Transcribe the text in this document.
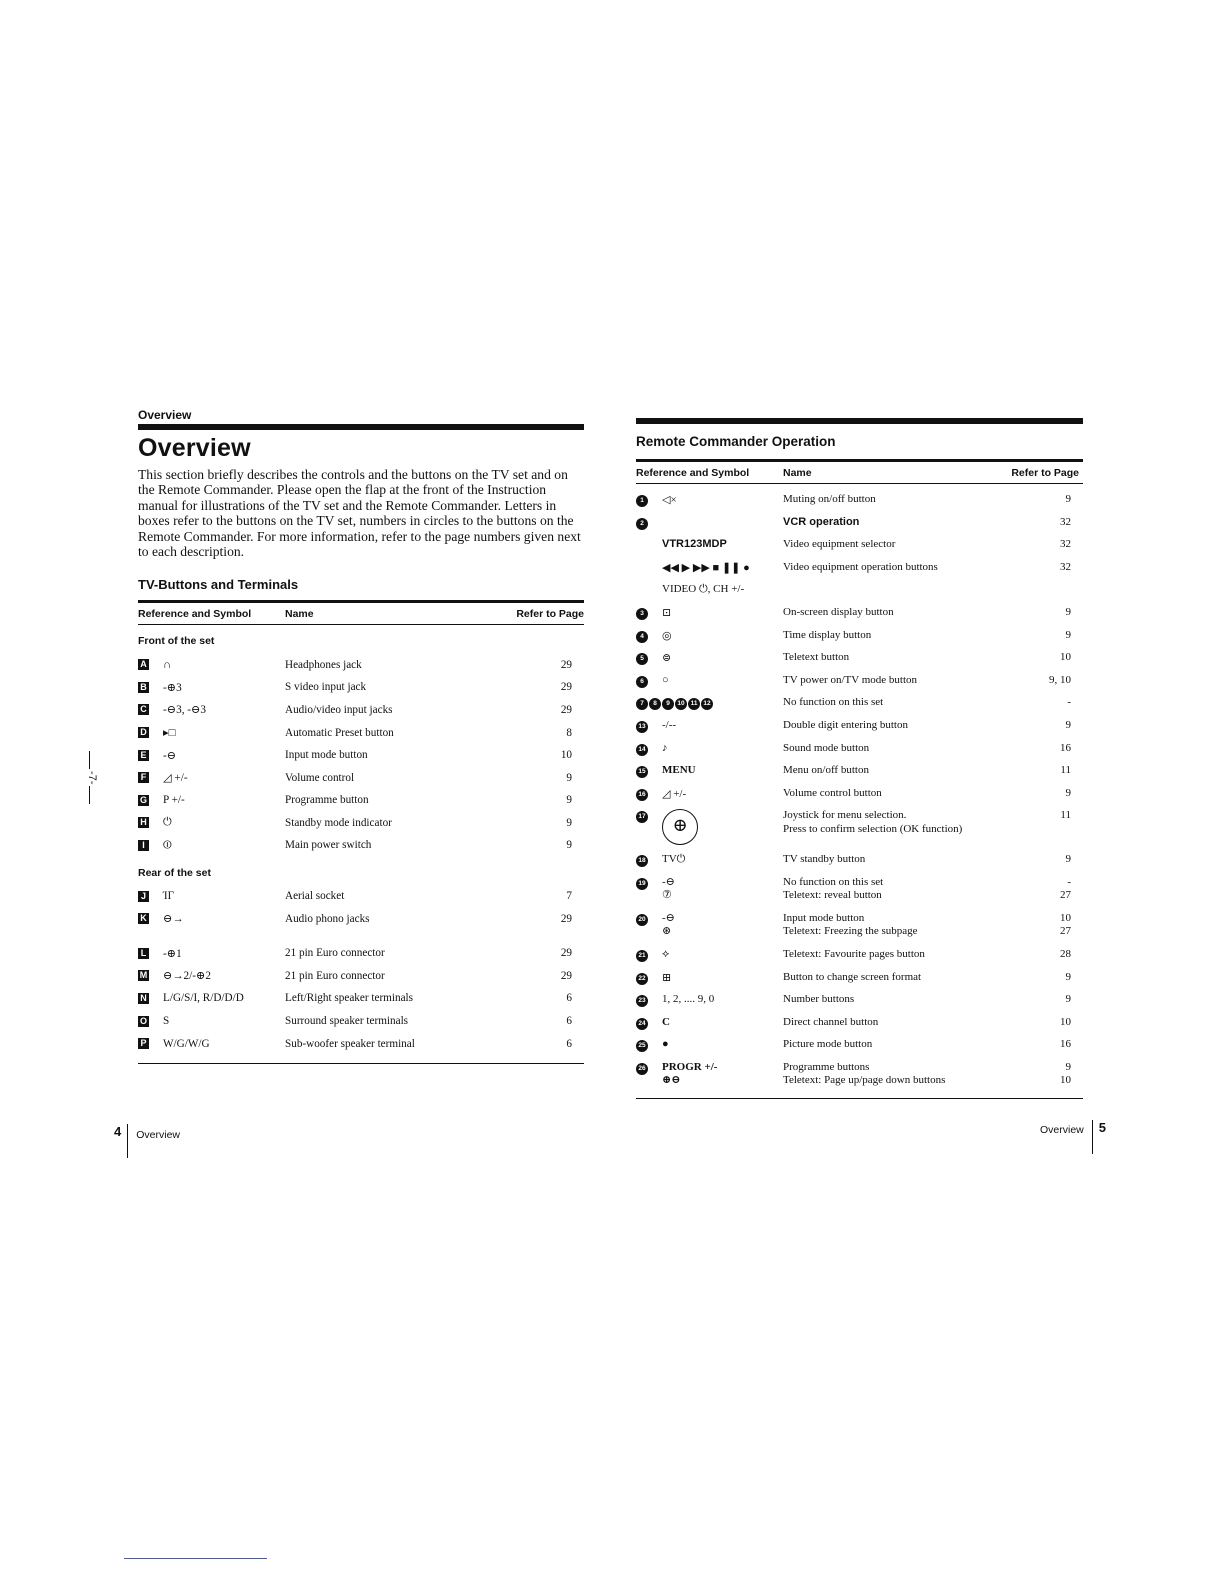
Overview
Overview

This section briefly describes the controls and the buttons on the TV set and on the Remote Commander. Please open the flap at the front of the Instruction manual for illustrations of the TV set and the Remote Commander. Letters in boxes refer to the buttons on the TV set, numbers in circles to the buttons on the Remote Commander. For more information, refer to the page numbers given next to each description.

TV-Buttons and Terminals
Reference and Symbol	Name	Refer to Page
Front of the set
A ∩	Headphones jack	29
B -⊕3	S video input jack	29
C -⊖3, -⊖3	Audio/video input jacks	29
D ▸□	Automatic Preset button	8
E -⊖	Input mode button	10
F ◿ +/-	Volume control	9
G P +/-	Programme button	9
H ⏻	Standby mode indicator	9
I	⏼	Main power switch	9
Rear of the set
J ΊΓ	Aerial socket	7
K ⊖→	Audio phono jacks	29
L -⊕1	21 pin Euro connector	29
M ⊖→2/-⊕2	21 pin Euro connector	29
N L/G/S/I, R/D/D/D	Left/Right speaker terminals	6
O S	Surround speaker terminals	6
P W/G/W/G	Sub-woofer speaker terminal	6
-7-
4 Overview
Remote Commander Operation
Reference and Symbol	Name	Refer to Page
1	◁×	Muting on/off button	9
2	VCR operation	32
VTR123MDP	Video equipment selector	32
◀◀ ▶ ▶▶ ■ ❚❚ ●	Video equipment operation buttons	32
VIDEO ⏻, CH +/-
3	⊡	On-screen display button	9
4	◎	Time display button	9
5	⊜	Teletext button	10
6	○	TV power on/TV mode button	9, 10
7 8 9 10 11 12	No function on this set	-
13	-/--	Double digit entering button	9
14	♪	Sound mode button	16
15	MENU	Menu on/off button	11
16	◿ +/-	Volume control button	9
17
⊕	Joystick for menu selection.
Press to confirm selection (OK function)
11
18	TV⏻	TV standby button	9
19	-⊖
⑦
No function on this set
Teletext: reveal button
-
27
20	-⊖
⊛
Input mode button
Teletext: Freezing the subpage
10
27
21	⟡	Teletext: Favourite pages button	28
22	⊞	Button to change screen format	9
23	1, 2, .... 9, 0	Number buttons	9
24	C	Direct channel button	10
25	●	Picture mode button	16
26	PROGR +/-
⊕⊖
Programme buttons
Teletext: Page up/page down buttons
9
10
Overview 5
